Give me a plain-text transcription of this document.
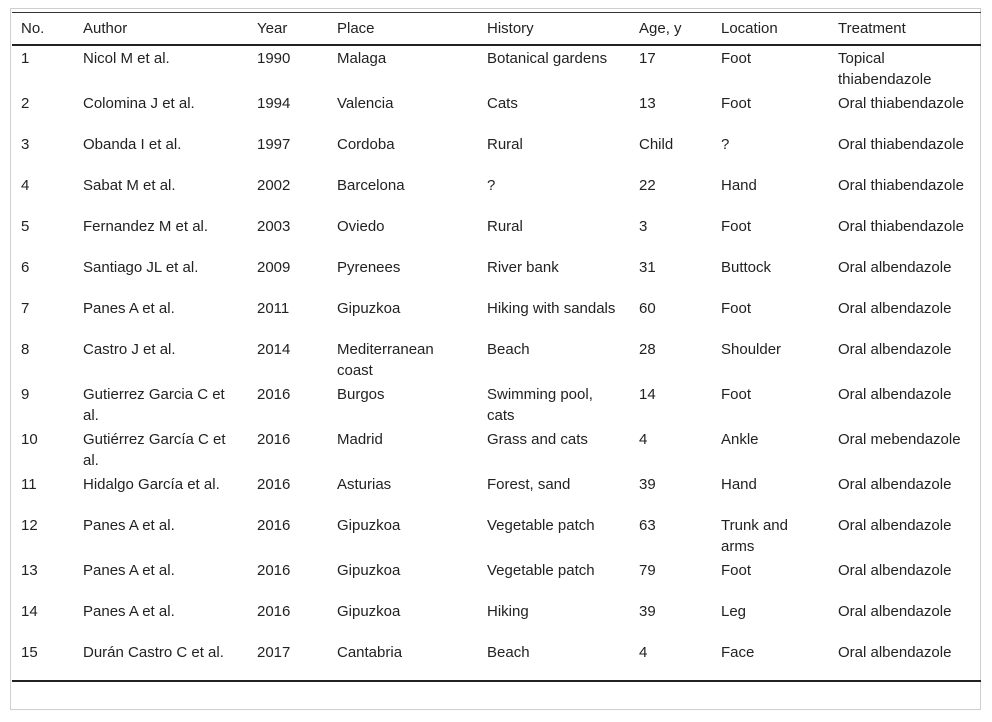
No.	Author	Year	Place	History	Age, y	Location	Treatment
1	Nicol M et al.	1990	Malaga	Botanical gardens	17	Foot	Topical thiabendazole
2	Colomina J et al.	1994	Valencia	Cats	13	Foot	Oral thiabendazole
3	Obanda I et al.	1997	Cordoba	Rural	Child	?	Oral thiabendazole
4	Sabat M et al.	2002	Barcelona	?	22	Hand	Oral thiabendazole
5	Fernandez M et al.	2003	Oviedo	Rural	3	Foot	Oral thiabendazole
6	Santiago JL et al.	2009	Pyrenees	River bank	31	Buttock	Oral albendazole
7	Panes A et al.	2011	Gipuzkoa	Hiking with sandals	60	Foot	Oral albendazole
8	Castro J et al.	2014	Mediterranean coast	Beach	28	Shoulder	Oral albendazole
9	Gutierrez Garcia C et al.	2016	Burgos	Swimming pool, cats	14	Foot	Oral albendazole
10	Gutiérrez García C et al.	2016	Madrid	Grass and cats	4	Ankle	Oral mebendazole
11	Hidalgo García et al.	2016	Asturias	Forest, sand	39	Hand	Oral albendazole
12	Panes A et al.	2016	Gipuzkoa	Vegetable patch	63	Trunk and arms	Oral albendazole
13	Panes A et al.	2016	Gipuzkoa	Vegetable patch	79	Foot	Oral albendazole
14	Panes A et al.	2016	Gipuzkoa	Hiking	39	Leg	Oral albendazole
15	Durán Castro C et al.	2017	Cantabria	Beach	4	Face	Oral albendazole
